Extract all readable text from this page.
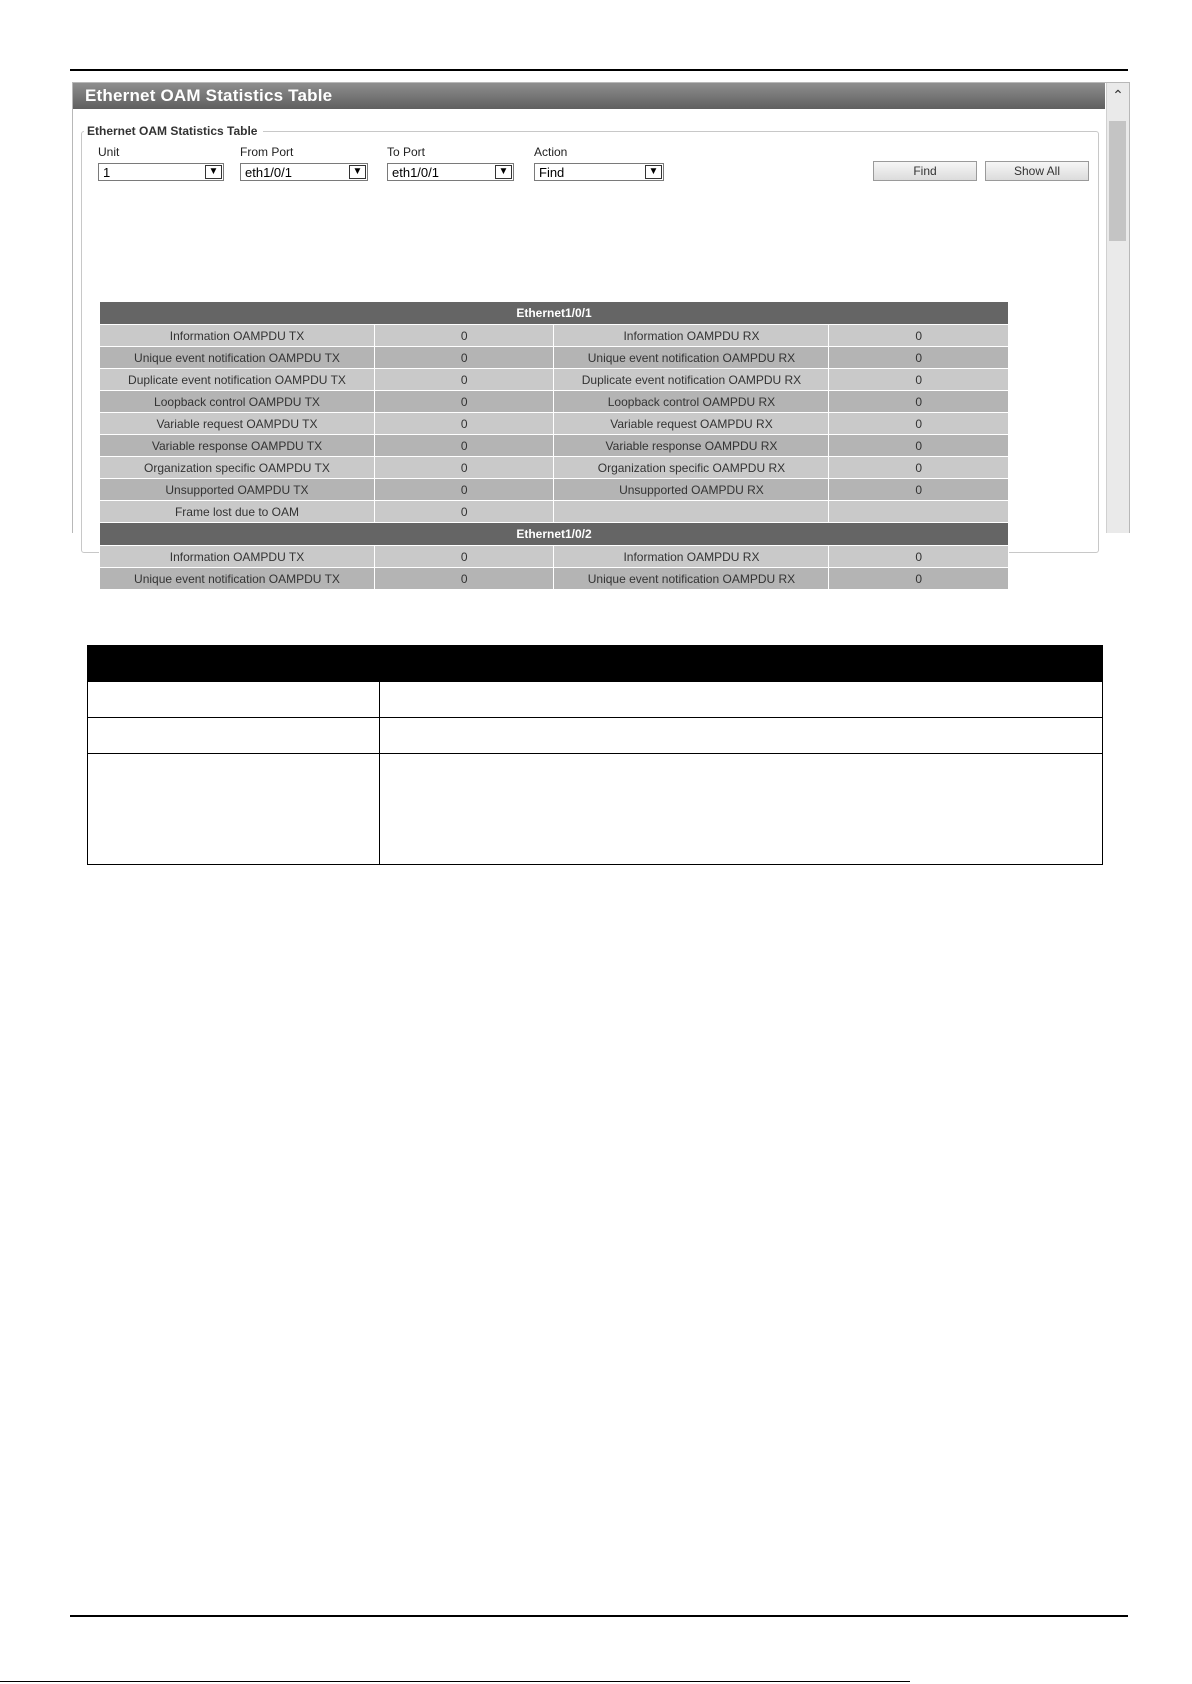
Ethernet OAM Statistics Table	⌃
Ethernet OAM Statistics Table
Unit
1	▼
From Port
eth1/0/1	▼
To Port
eth1/0/1	▼
Action
Find	▼	Find	Show All
Ethernet1/0/1			
Information OAMPDU TX	0	Information OAMPDU RX	0
Unique event notification OAMPDU TX	0	Unique event notification OAMPDU RX	0
Duplicate event notification OAMPDU TX	0	Duplicate event notification OAMPDU RX	0
Loopback control OAMPDU TX	0	Loopback control OAMPDU RX	0
Variable request OAMPDU TX	0	Variable request OAMPDU RX	0
Variable response OAMPDU TX	0	Variable response OAMPDU RX	0
Organization specific OAMPDU TX	0	Organization specific OAMPDU RX	0
Unsupported OAMPDU TX	0	Unsupported OAMPDU RX	0
Frame lost due to OAM	0		
Ethernet1/0/2			
Information OAMPDU TX	0	Information OAMPDU RX	0
Unique event notification OAMPDU TX	0	Unique event notification OAMPDU RX	0
